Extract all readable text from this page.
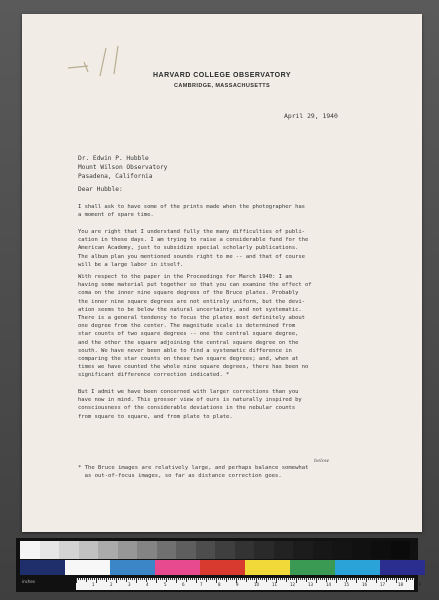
HARVARD COLLEGE OBSERVATORY
CAMBRIDGE, MASSACHUSETTS
April 29, 1940
Dr. Edwin P. Hubble
Mount Wilson Observatory
Pasadena, California
Dear Hubble:
I shall ask to have some of the prints made when the photographer has
a moment of spare time.
You are right that I understand fully the many difficulties of publi-
cation in these days. I am trying to raise a considerable fund for the
American Academy, just to subsidize special scholarly publications.
The album plan you mentioned sounds right to me -- and that of course
will be a large labor in itself.
With respect to the paper in the Proceedings for March 1940: I am
having some material put together so that you can examine the effect of
coma on the inner nine square degrees of the Bruce plates. Probably
the inner nine square degrees are not entirely uniform, but the devi-
ation seems to be below the natural uncertainty, and not systematic.
There is a general tendency to focus the plates most definitely about
one degree from the center. The magnitude scale is determined from
star counts of two square degrees -- one the central square degree,
and the other the square adjoining the central square degree on the
south. We have never been able to find a systematic difference in
comparing the star counts on these two square degrees; and, when at
times we have counted the whole nine square degrees, there has been no
significant difference correction indicated. *
But I admit we have been concerned with larger corrections than you
have now in mind. This grosser view of ours is naturally inspired by
consciousness of the considerable deviations in the nebular counts
from square to square, and from plate to plate.
below
* The Bruce images are relatively large, and perhaps balance somewhat
as out-of-focus images, so far as distance correction goes.
inches
1	2	3	4	5	6	7	8	9	10	11	12	13	14	15	16	17	18	19
